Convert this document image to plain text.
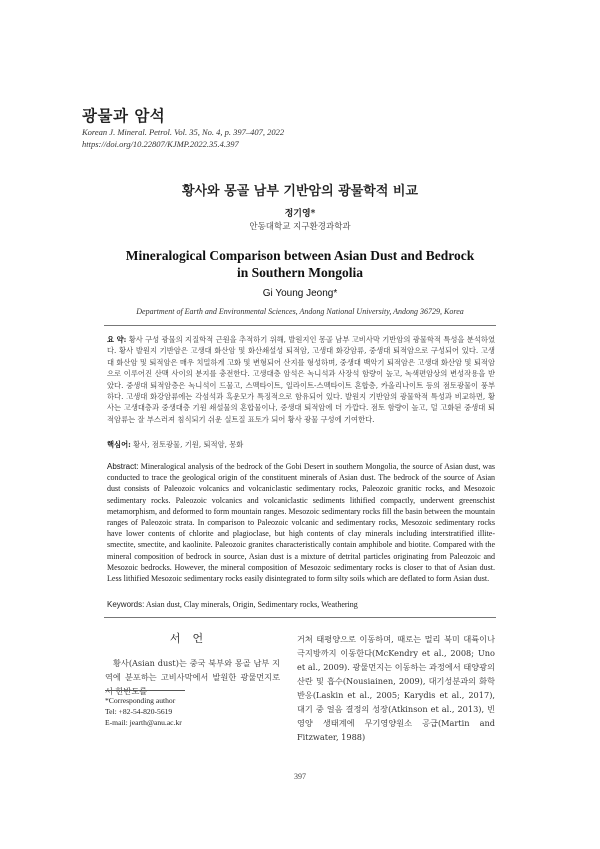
광물과 암석
Korean J. Mineral. Petrol. Vol. 35, No. 4, p. 397–407, 2022
https://doi.org/10.22807/KJMP.2022.35.4.397
황사와 몽골 남부 기반암의 광물학적 비교
정기영*
안동대학교 지구환경과학과
Mineralogical Comparison between Asian Dust and Bedrock
in Southern Mongolia
Gi Young Jeong*
Department of Earth and Environmental Sciences, Andong National University, Andong 36729, Korea
요 약: 황사 구성 광물의 지질학적 근원을 추적하기 위해, 발원지인 몽골 남부 고비사막 기반암의 광물학적 특성을 분석하였다. 황사 발원지 기반암은 고생대 화산암 및 화산쇄설성 퇴적암, 고생대 화강암류, 중생대 퇴적암으로 구성되어 있다. 고생대 화산암 및 퇴적암은 매우 치밀하게 고화 및 변형되어 산지를 형성하며, 중생대 백악기 퇴적암은 고생대 화산암 및 퇴적암으로 이루어진 산맥 사이의 분지를 충전한다. 고생대층 암석은 녹니석과 사장석 함량이 높고, 녹색편암상의 변성작용을 받았다. 중생대 퇴적암층은 녹니석이 드물고, 스멕타이트, 일라이트-스멕타이트 혼합층, 카올리나이트 등의 점토광물이 풍부하다. 고생대 화강암류에는 각섬석과 흑운모가 특징적으로 함유되어 있다. 발원지 기반암의 광물학적 특성과 비교하면, 황사는 고생대층과 중생대층 기원 쇄설물의 혼합물이나, 중생대 퇴적암에 더 가깝다. 점토 함량이 높고, 덜 고화된 중생대 퇴적암류는 잘 부스러져 침식되기 쉬운 실트질 표토가 되어 황사 광물 구성에 기여한다.
핵심어: 황사, 점토광물, 기원, 퇴적암, 몽화
Abstract: Mineralogical analysis of the bedrock of the Gobi Desert in southern Mongolia, the source of Asian dust, was conducted to trace the geological origin of the constituent minerals of Asian dust. The bedrock of the source of Asian dust consists of Paleozoic volcanics and volcaniclastic sedimentary rocks, Paleozoic granitic rocks, and Mesozoic sedimentary rocks. Paleozoic volcanics and volcaniclastic sediments lithified compactly, underwent greenschist metamorphism, and deformed to form mountain ranges. Mesozoic sedimentary rocks fill the basin between the mountain ranges of Paleozoic strata. In comparison to Paleozoic volcanic and sedimentary rocks, Mesozoic sedimentary rocks have lower contents of chlorite and plagioclase, but high contents of clay minerals including interstratified illite-smectite, smectite, and kaolinite. Paleozoic granites characteristically contain amphibole and biotite. Compared with the mineral composition of bedrock in source, Asian dust is a mixture of detrital particles originating from Paleozoic and Mesozoic bedrocks. However, the mineral composition of Mesozoic sedimentary rocks is closer to that of Asian dust. Less lithified Mesozoic sedimentary rocks easily disintegrated to form silty soils which are deflated to form Asian dust.
Keywords: Asian dust, Clay minerals, Origin, Sedimentary rocks, Weathering
서언
황사(Asian dust)는 중국 북부와 몽골 남부 지역에 분포하는 고비사막에서 발원한 광물먼지로서 한반도를
*Corresponding author
Tel: +82-54-820-5619
E-mail: jearth@anu.ac.kr
거쳐 태평양으로 이동하며, 때로는 멀리 북미 대륙이나 극지방까지 이동한다(McKendry et al., 2008; Uno et al., 2009). 광물먼지는 이동하는 과정에서 태양광의 산란 및 흡수(Nousiainen, 2009), 대기성분과의 화학반응(Laskin et al., 2005; Karydis et al., 2017), 대기 중 얼음 결정의 성장(Atkinson et al., 2013), 빈영양 생태계에 무기영양원소 공급(Martin and Fitzwater, 1988)
397
